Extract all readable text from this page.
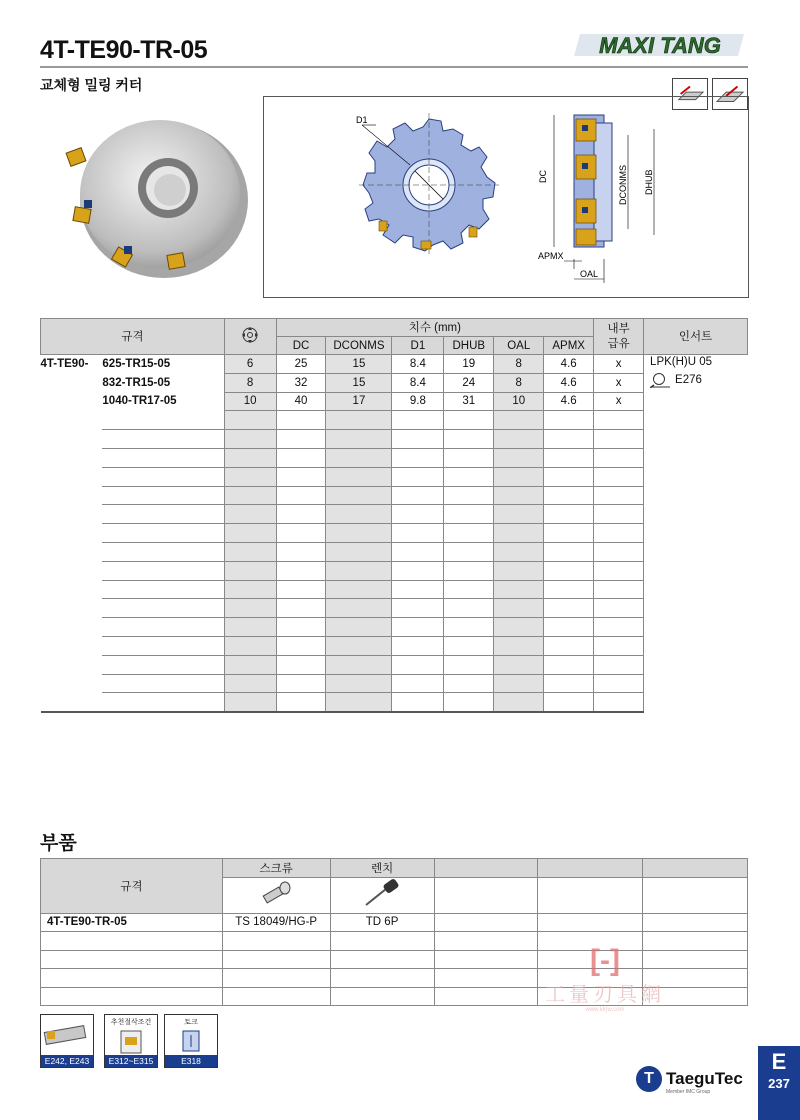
4T-TE90-TR-05	MAXI TANG
교체형 밀링 커터
D1
DC	DCONMS DHUB
APMX
OAL
규격			치수 (mm)						내부
급유	인서트
			DC	DCONMS	D1	DHUB	OAL	APMX		
4T-TE90-	625-TR15-05	6	25	15	8.4	19	8	4.6	x	LPK(H)U 05
E276

	832-TR15-05	8	32	15	8.4	24	8	4.6	x	
	1040-TR17-05	10	40	17	9.8	31	10	4.6	x	

부품
규격	스크류	렌치			

4T-TE90-TR-05	TS 18049/HG-P	TD 6P			

[-]
工量刃具網
www.klrjw.com
E242, E243
추천절삭조건
E312~E315
토크
E318
T TaeguTec
Member IMC Group
E
237
